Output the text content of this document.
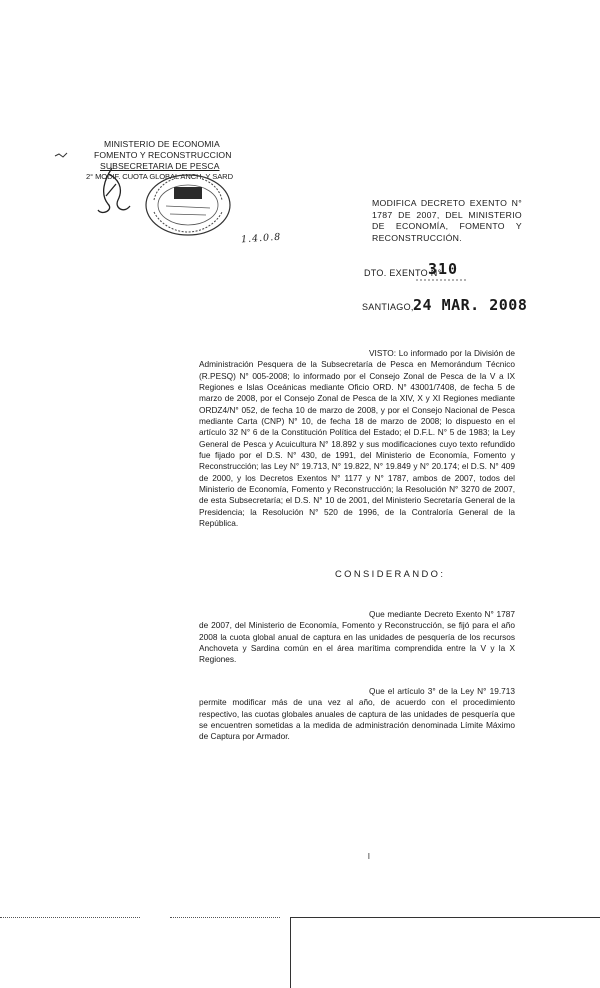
MINISTERIO DE ECONOMIA
FOMENTO Y RECONSTRUCCION
SUBSECRETARIA DE PESCA
2° MODIF. CUOTA GLOBAL ANCH. Y SARD
1.4.0.8
MODIFICA DECRETO EXENTO N° 1787 DE 2007, DEL MINISTERIO DE ECONOMÍA, FOMENTO Y RECONSTRUCCIÓN.
DTO. EXENTO N°
310
SANTIAGO, 24 MAR. 2008
VISTO: Lo informado por la División de Administración Pesquera de la Subsecretaría de Pesca en Memorándum Técnico (R.PESQ) N° 005-2008; lo informado por el Consejo Zonal de Pesca de la V a IX Regiones e Islas Oceánicas mediante Oficio ORD. N° 43001/7408, de fecha 5 de marzo de 2008, por el Consejo Zonal de Pesca de la XIV, X y XI Regiones mediante ORDZ4/N° 052, de fecha 10 de marzo de 2008, y por el Consejo Nacional de Pesca mediante Carta (CNP) N° 10, de fecha 18 de marzo de 2008; lo dispuesto en el artículo 32 N° 6 de la Constitución Política del Estado; el D.F.L. N° 5 de 1983; la Ley General de Pesca y Acuicultura N° 18.892 y sus modificaciones cuyo texto refundido fue fijado por el D.S. N° 430, de 1991, del Ministerio de Economía, Fomento y Reconstrucción; las Ley N° 19.713, N° 19.822, N° 19.849 y N° 20.174; el D.S. N° 409 de 2000, y los Decretos Exentos N° 1177 y N° 1787, ambos de 2007, todos del Ministerio de Economía, Fomento y Reconstrucción; la Resolución N° 3270 de 2007, de esta Subsecretaría; el D.S. N° 10 de 2001, del Ministerio Secretaría General de la Presidencia; la Resolución N° 520 de 1996, de la Contraloría General de la República.
CONSIDERANDO:
Que mediante Decreto Exento N° 1787 de 2007, del Ministerio de Economía, Fomento y Reconstrucción, se fijó para el año 2008 la cuota global anual de captura en las unidades de pesquería de los recursos Anchoveta y Sardina común en el área marítima comprendida entre la V y la X Regiones.
Que el artículo 3° de la Ley N° 19.713 permite modificar más de una vez al año, de acuerdo con el procedimiento respectivo, las cuotas globales anuales de captura de las unidades de pesquería que se encuentren sometidas a la medida de administración denominada Límite Máximo de Captura por Armador.
l
